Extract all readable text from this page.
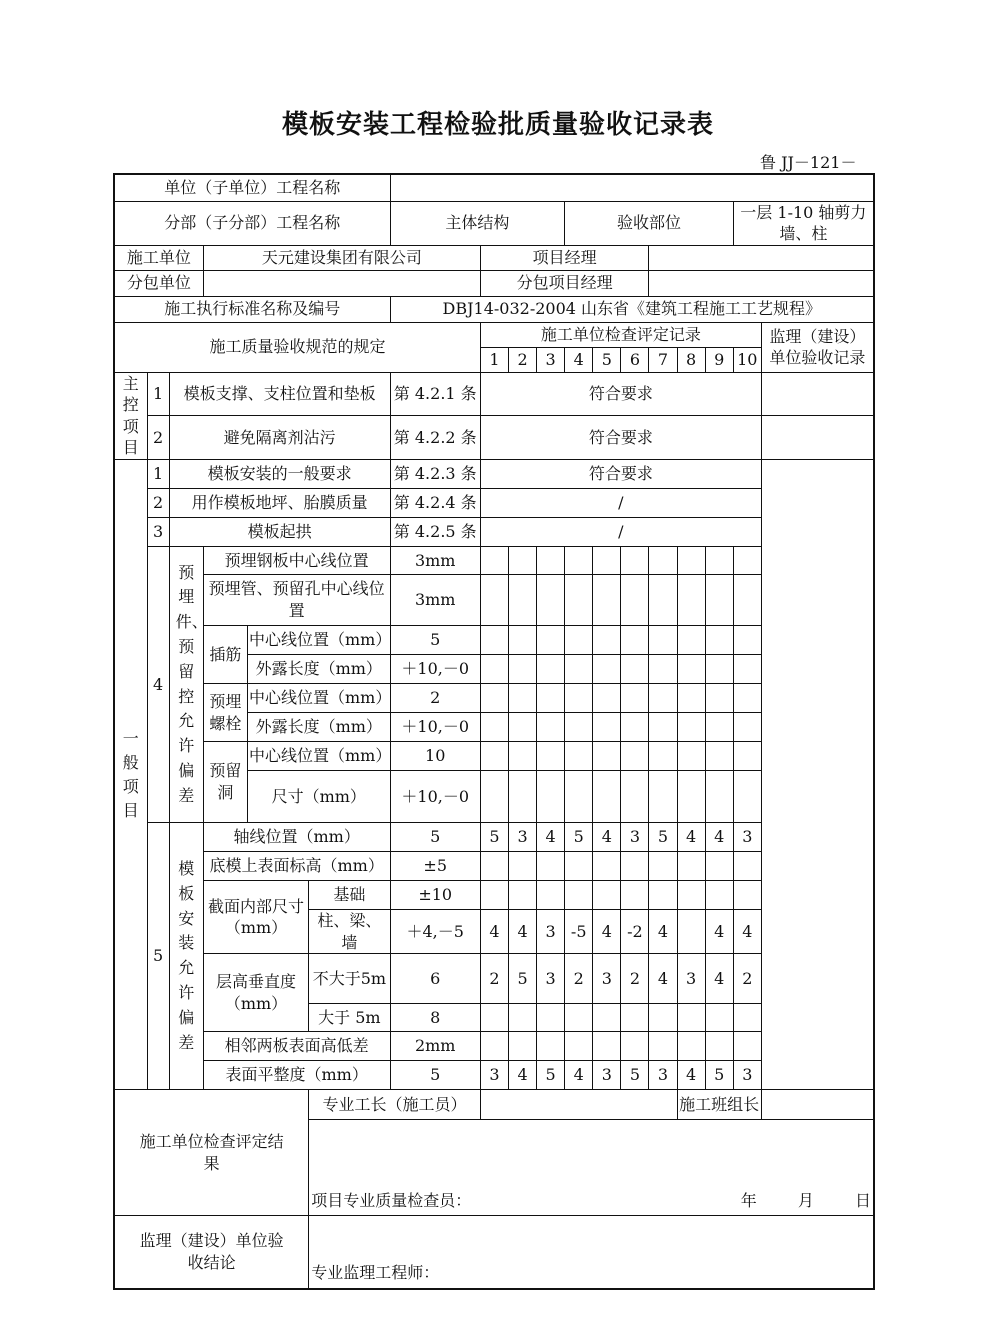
模板安装工程检验批质量验收记录表
鲁 JJ－121－
单位（子单位）工程名称																	
分部（子分部）工程名称						主体结构				验收部位						一层 1-10 轴剪力墙、柱	
施工单位			天元建设集团有限公司				项目经理										
分包单位							分包项目经理										
施工执行标准名称及编号						DBJ14-032-2004 山东省《建筑工程施工工艺规程》											
施工质量验收规范的规定							施工单位检查评定记录										监理（建设）单位验收记录
							1	2	3	4	5	6	7	8	9	10	
主控项目	1	模板支撑、支柱位置和垫板				第 4.2.1 条	符合要求										
	2	避免隔离剂沾污				第 4.2.2 条	符合要求										
一般项目	1	模板安装的一般要求				第 4.2.3 条	符合要求										
	2	用作模板地坪、胎膜质量				第 4.2.4 条	/										
	3	模板起拱				第 4.2.5 条	/										
	4	预埋件、预留控允许偏差	预埋钢板中心线位置			3mm											
			预埋管、预留孔中心线位置			3mm											
			插筋	中心线位置（mm）		5											
				外露长度（mm）		＋10,－0											
			预埋螺栓	中心线位置（mm）		2											
				外露长度（mm）		＋10,－0											
			预留洞	中心线位置（mm）		10											
				尺寸（mm）		＋10,－0											
	5	模板安装允许偏差	轴线位置（mm）			5	5	3	4	5	4	3	5	4	4	3	
			底模上表面标高（mm）			±5											
			截面内部尺寸（mm）		基础	±10											
					柱、梁、墙	＋4,－5	4	4	3	-5	4	-2	4		4	4	
			层高垂直度（mm）		不大于5m	6	2	5	3	2	3	2	4	3	4	2	
					大于 5m	8											
			相邻两板表面高低差			2mm											
			表面平整度（mm）			5	3	4	5	4	3	5	3	4	5	3	
施工单位检查评定结果					专业工长（施工员）									施工班组长			

					项目专业质量检查员： 年 月 日												

监理（建设）单位验收结论					专业监理工程师：												
